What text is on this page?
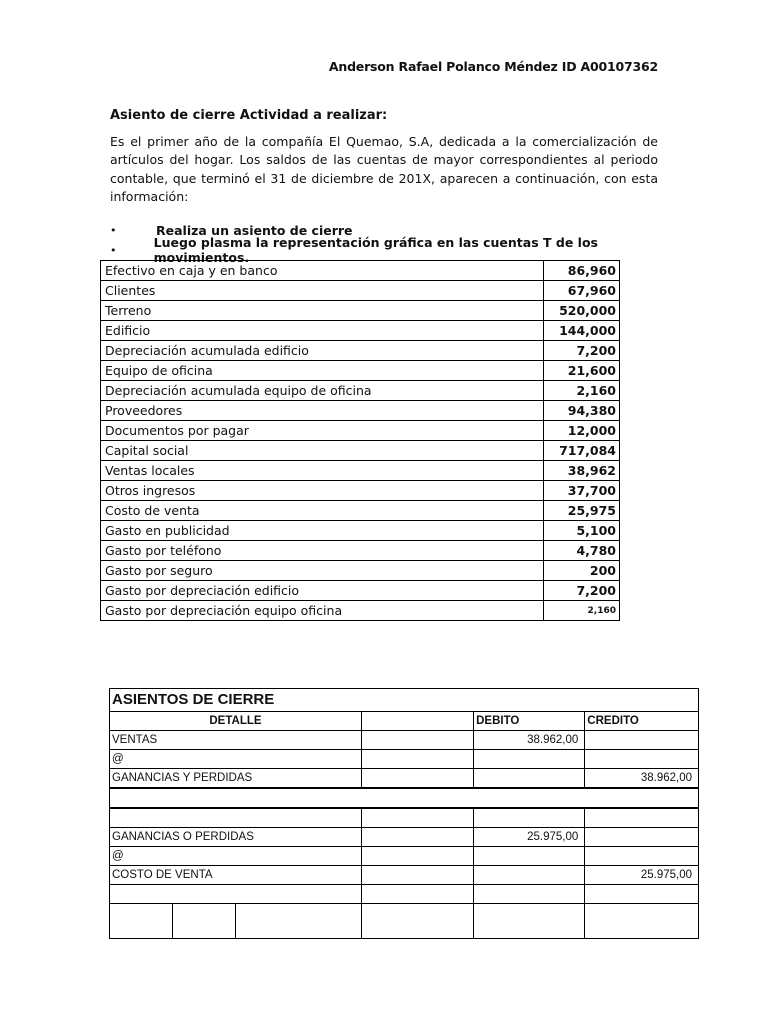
Anderson Rafael Polanco Méndez ID A00107362
Asiento de cierre Actividad a realizar:

Es el primer año de la compañía El Quemao, S.A, dedicada a la comercialización de artículos del hogar. Los saldos de las cuentas de mayor correspondientes al periodo contable, que terminó el 31 de diciembre de 201X, aparecen a continuación, con esta información:

•	Realiza un asiento de cierre
•	Luego plasma la representación gráfica en las cuentas T de los movimientos.
Efectivo en caja y en banco	86,960
Clientes	67,960
Terreno	520,000
Edificio	144,000
Depreciación acumulada edificio	7,200
Equipo de oficina	21,600
Depreciación acumulada equipo de oficina	2,160
Proveedores	94,380
Documentos por pagar	12,000
Capital social	717,084
Ventas locales	38,962
Otros ingresos	37,700
Costo de venta	25,975
Gasto en publicidad	5,100
Gasto por teléfono	4,780
Gasto por seguro	200
Gasto por depreciación edificio	7,200
Gasto por depreciación equipo oficina	2,160
ASIENTOS DE CIERRE
DETALLE		DEBITO	CREDITO
VENTAS		38.962,00	
@			
GANANCIAS Y PERDIDAS			38.962,00

GANANCIAS O PERDIDAS		25.975,00	
@			
COSTO DE VENTA			25.975,00
